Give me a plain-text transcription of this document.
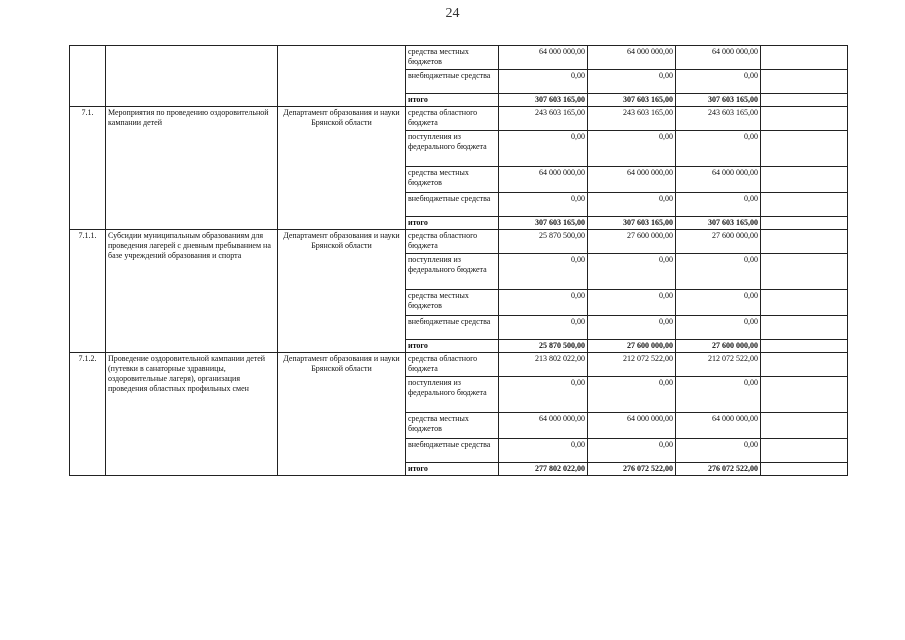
24
			средства местных бюджетов	64 000 000,00	64 000 000,00	64 000 000,00	
			внебюджетные средства	0,00	0,00	0,00	
			итого	307 603 165,00	307 603 165,00	307 603 165,00	
7.1.	Мероприятия по проведению оздоровительной кампании детей	Департамент образования и науки Брянской области	средства областного бюджета	243 603 165,00	243 603 165,00	243 603 165,00	
			поступления из федерального бюджета	0,00	0,00	0,00	
			средства местных бюджетов	64 000 000,00	64 000 000,00	64 000 000,00	
			внебюджетные средства	0,00	0,00	0,00	
			итого	307 603 165,00	307 603 165,00	307 603 165,00	
7.1.1.	Субсидии муниципальным образованиям для проведения лагерей с дневным пребыванием на базе учреждений образования и спорта	Департамент образования и науки Брянской области	средства областного бюджета	25 870 500,00	27 600 000,00	27 600 000,00	
			поступления из федерального бюджета	0,00	0,00	0,00	
			средства местных бюджетов	0,00	0,00	0,00	
			внебюджетные средства	0,00	0,00	0,00	
			итого	25 870 500,00	27 600 000,00	27 600 000,00	
7.1.2.	Проведение оздоровительной кампании детей (путевки в санаторные здравницы, оздоровительные лагеря), организация проведения областных профильных смен	Департамент образования и науки Брянской области	средства областного бюджета	213 802 022,00	212 072 522,00	212 072 522,00	
			поступления из федерального бюджета	0,00	0,00	0,00	
			средства местных бюджетов	64 000 000,00	64 000 000,00	64 000 000,00	
			внебюджетные средства	0,00	0,00	0,00	
			итого	277 802 022,00	276 072 522,00	276 072 522,00	
